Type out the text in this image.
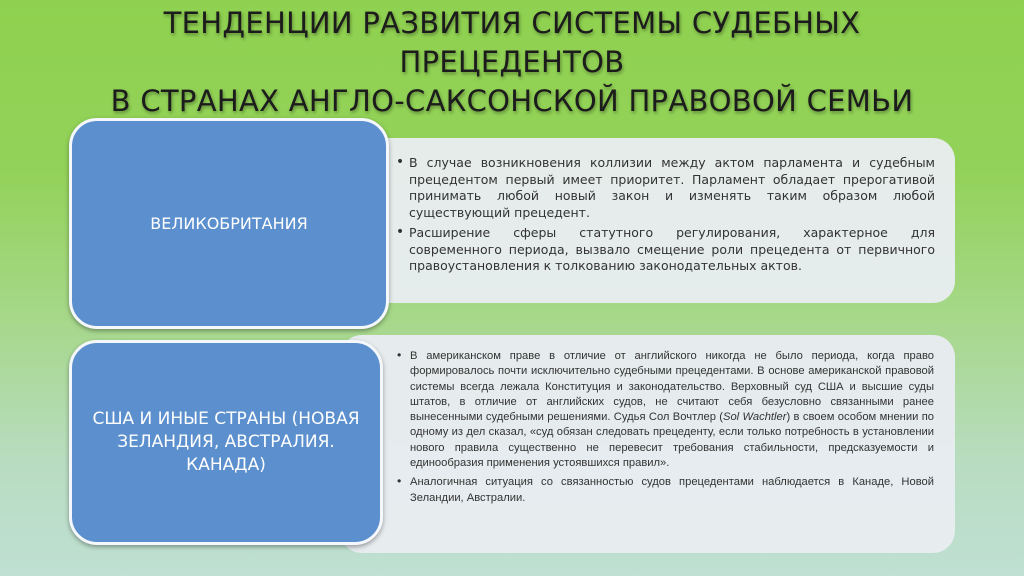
ТЕНДЕНЦИИ РАЗВИТИЯ СИСТЕМЫ СУДЕБНЫХ
ПРЕЦЕДЕНТОВ
В СТРАНАХ АНГЛО-САКСОНСКОЙ ПРАВОВОЙ СЕМЬИ
ВЕЛИКОБРИТАНИЯ
• В случае возникновения коллизии между актом парламента и судебным прецедентом первый имеет приоритет. Парламент обладает прерогативой принимать любой новый закон и изменять таким образом любой существующий прецедент.
• Расширение сферы статутного регулирования, характерное для современного периода, вызвало смещение роли прецедента от первичного правоустановления к толкованию законодательных актов.
США И ИНЫЕ СТРАНЫ (НОВАЯ ЗЕЛАНДИЯ, АВСТРАЛИЯ. КАНАДА)
• В американском праве в отличие от английского никогда не было периода, когда право формировалось почти исключительно судебными прецедентами. В основе американской правовой системы всегда лежала Конституция и законодательство. Верховный суд США и высшие суды штатов, в отличие от английских судов, не считают себя безусловно связанными ранее вынесенными судебными решениями. Судья Сол Вочтлер (Sol Wachtler) в своем особом мнении по одному из дел сказал, «суд обязан следовать прецеденту, если только потребность в установлении нового правила существенно не перевесит требования стабильности, предсказуемости и единообразия применения устоявшихся правил».
• Аналогичная ситуация со связанностью судов прецедентами наблюдается в Канаде, Новой Зеландии, Австралии.
